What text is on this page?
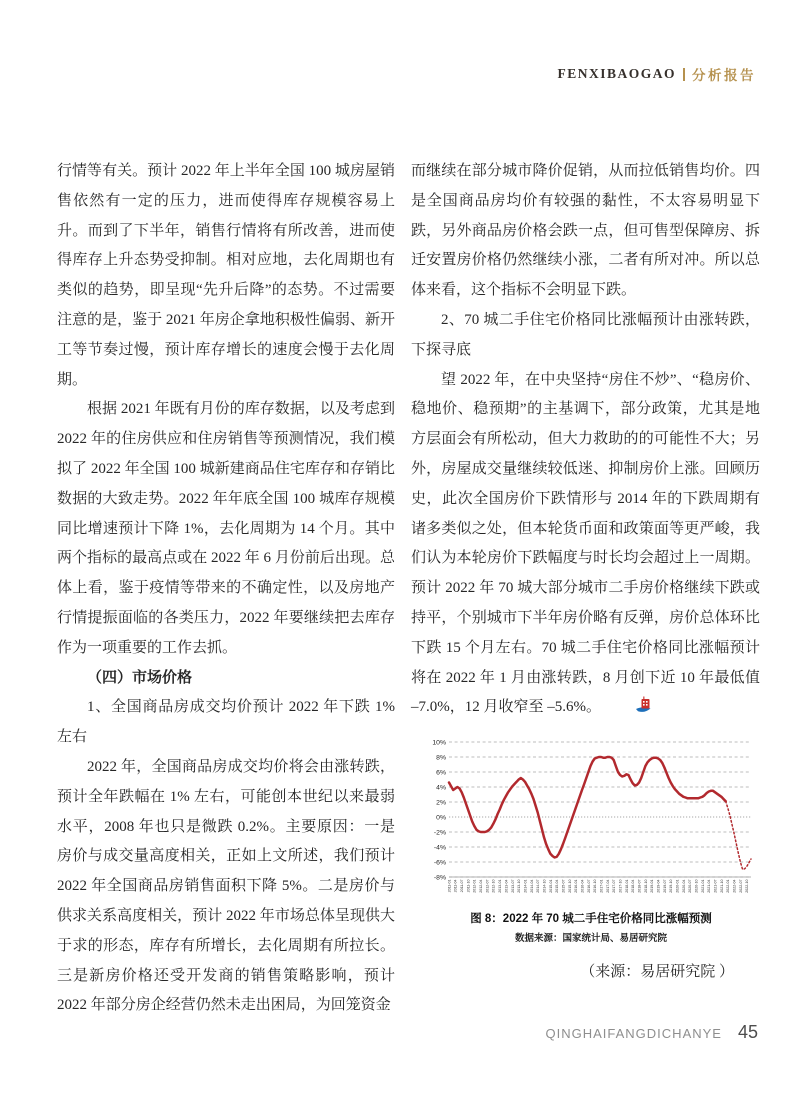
FENXIBAOGAO 分析报告

行情等有关。预计 2022 年上半年全国 100 城房屋销售依然有一定的压力，进而使得库存规模容易上升。而到了下半年，销售行情将有所改善，进而使得库存上升态势受抑制。相对应地，去化周期也有类似的趋势，即呈现“先升后降”的态势。不过需要注意的是，鉴于 2021 年房企拿地积极性偏弱、新开工等节奏过慢，预计库存增长的速度会慢于去化周期。

根据 2021 年既有月份的库存数据，以及考虑到 2022 年的住房供应和住房销售等预测情况，我们模拟了 2022 年全国 100 城新建商品住宅库存和存销比数据的大致走势。2022 年年底全国 100 城库存规模同比增速预计下降 1%，去化周期为 14 个月。其中两个指标的最高点或在 2022 年 6 月份前后出现。总体上看，鉴于疫情等带来的不确定性，以及房地产行情提振面临的各类压力，2022 年要继续把去库存作为一项重要的工作去抓。

（四）市场价格

1、全国商品房成交均价预计 2022 年下跌 1% 左右

2022 年，全国商品房成交均价将会由涨转跌，预计全年跌幅在 1% 左右，可能创本世纪以来最弱水平，2008 年也只是微跌 0.2%。主要原因：一是房价与成交量高度相关，正如上文所述，我们预计 2022 年全国商品房销售面积下降 5%。二是房价与供求关系高度相关，预计 2022 年市场总体呈现供大于求的形态，库存有所增长，去化周期有所拉长。三是新房价格还受开发商的销售策略影响，预计 2022 年部分房企经营仍然未走出困局，为回笼资金

而继续在部分城市降价促销，从而拉低销售均价。四是全国商品房均价有较强的黏性，不太容易明显下跌，另外商品房价格会跌一点，但可售型保障房、拆迁安置房价格仍然继续小涨，二者有所对冲。所以总体来看，这个指标不会明显下跌。

2、70 城二手住宅价格同比涨幅预计由涨转跌，下探寻底

望 2022 年，在中央坚持“房住不炒”、“稳房价、稳地价、稳预期”的主基调下，部分政策，尤其是地方层面会有所松动，但大力救助的的可能性不大；另外，房屋成交量继续较低迷、抑制房价上涨。回顾历史，此次全国房价下跌情形与 2014 年的下跌周期有诸多类似之处，但本轮货币面和政策面等更严峻，我们认为本轮房价下跌幅度与时长均会超过上一周期。预计 2022 年 70 城大部分城市二手房价格继续下跌或持平，个别城市下半年房价略有反弹，房价总体环比下跌 15 个月左右。70 城二手住宅价格同比涨幅预计将在 2022 年 1 月由涨转跌，8 月创下近 10 年最低值 –7.0%，12 月收窄至 –5.6%。

10%
8%
6%
4%
2%
0%
-2%
-4%
-6%
-8%
2011-01 2011-04 2011-07 2011-10 2012-01 2012-04 2012-07 2012-10 2013-01 2013-04 2013-07 2013-10 2014-01 2014-04 2014-07 2014-10 2015-01 2015-04 2015-07 2015-10 2016-01 2016-04 2016-07 2016-10 2017-01 2017-04 2017-07 2017-10 2018-01 2018-04 2018-07 2018-10 2019-01 2019-04 2019-07 2019-10 2020-01 2020-04 2020-07 2020-10 2021-01 2021-04 2021-07 2021-10 2022-01 2022-04 2022-07 2022-10
图 8：2022 年 70 城二手住宅价格同比涨幅预测
数据来源：国家统计局、易居研究院
（来源：易居研究院 ）
QINGHAIFANGDICHANYE 45
